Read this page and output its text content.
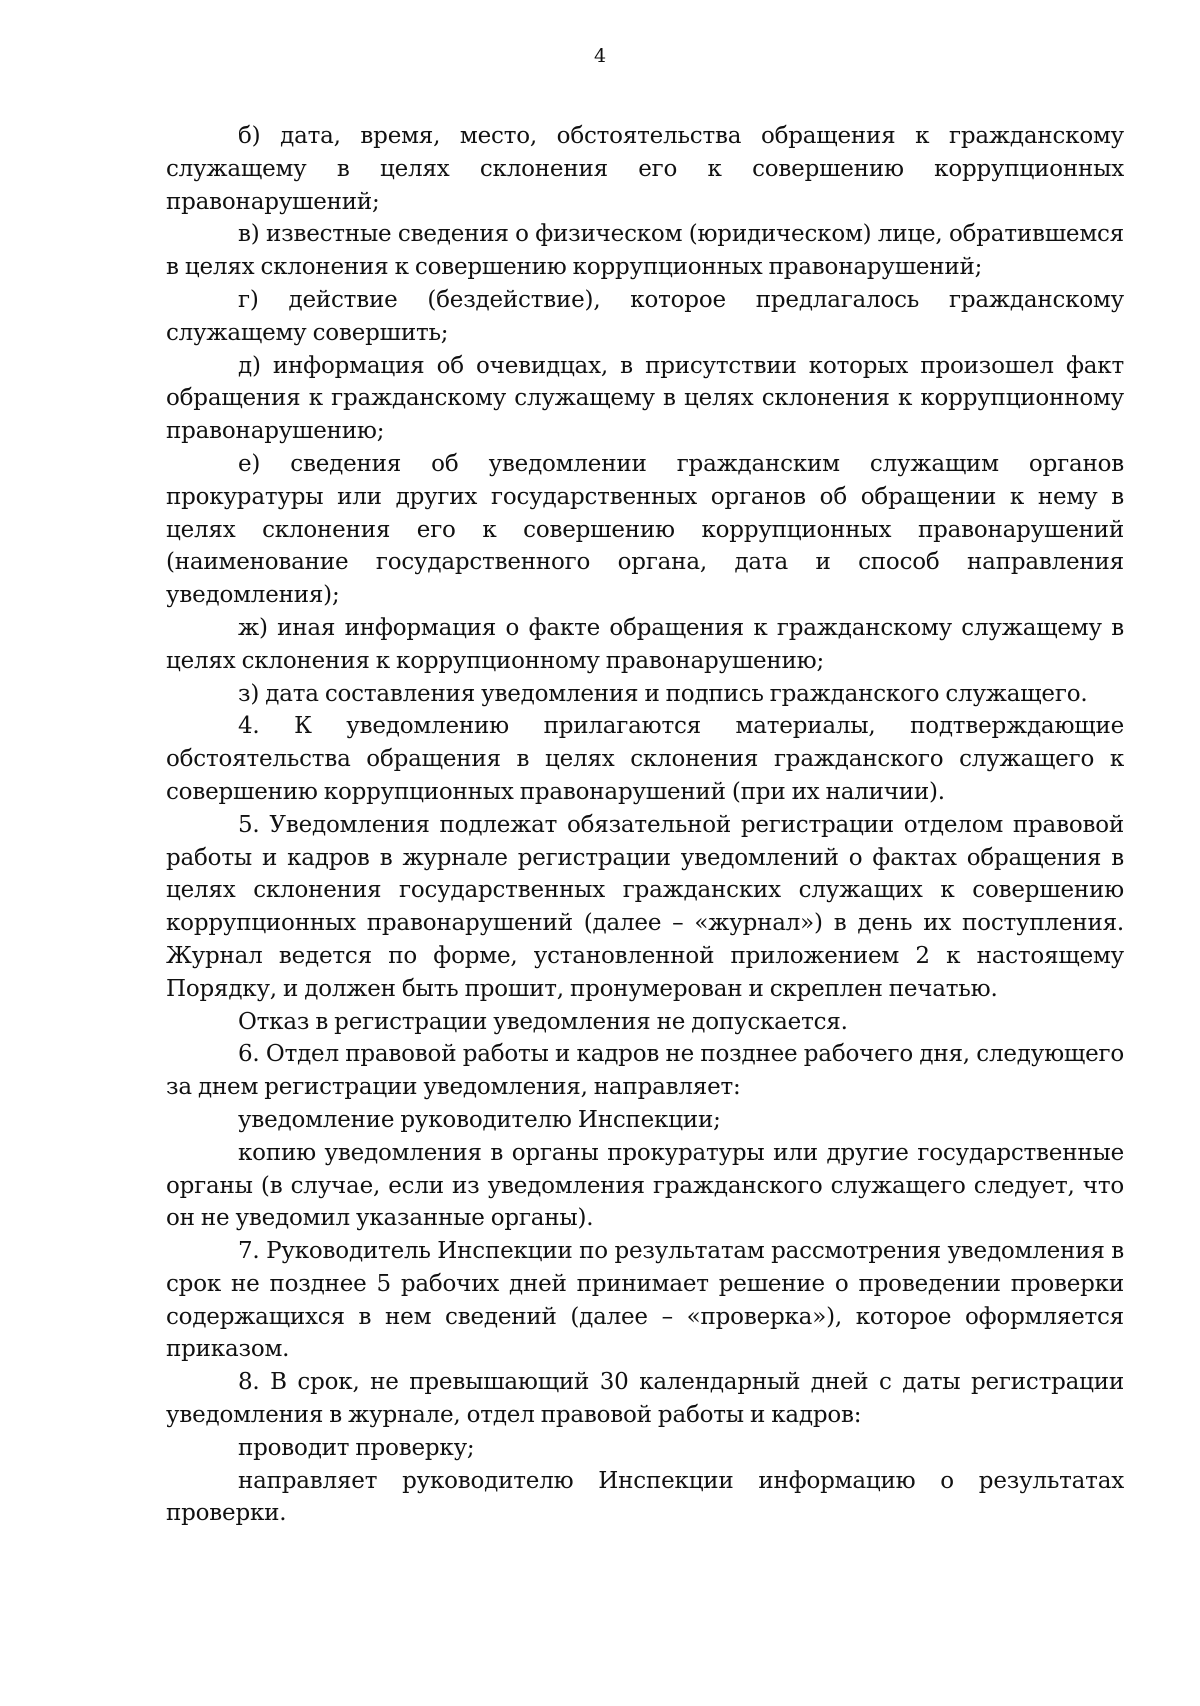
4

б) дата, время, место, обстоятельства обращения к гражданскому служащему в целях склонения его к совершению коррупционных правонарушений;

в) известные сведения о физическом (юридическом) лице, обратившемся в целях склонения к совершению коррупционных правонарушений;

г) действие (бездействие), которое предлагалось гражданскому служащему совершить;

д) информация об очевидцах, в присутствии которых произошел факт обращения к гражданскому служащему в целях склонения к коррупционному правонарушению;

е) сведения об уведомлении гражданским служащим органов прокуратуры или других государственных органов об обращении к нему в целях склонения его к совершению коррупционных правонарушений (наименование государственного органа, дата и способ направления уведомления);

ж) иная информация о факте обращения к гражданскому служащему в целях склонения к коррупционному правонарушению;

з) дата составления уведомления и подпись гражданского служащего.

4. К уведомлению прилагаются материалы, подтверждающие обстоятельства обращения в целях склонения гражданского служащего к совершению коррупционных правонарушений (при их наличии).

5. Уведомления подлежат обязательной регистрации отделом правовой работы и кадров в журнале регистрации уведомлений о фактах обращения в целях склонения государственных гражданских служащих к совершению коррупционных правонарушений (далее – «журнал») в день их поступления. Журнал ведется по форме, установленной приложением 2 к настоящему Порядку, и должен быть прошит, пронумерован и скреплен печатью.

Отказ в регистрации уведомления не допускается.

6. Отдел правовой работы и кадров не позднее рабочего дня, следующего за днем регистрации уведомления, направляет:

уведомление руководителю Инспекции;

копию уведомления в органы прокуратуры или другие государственные органы (в случае, если из уведомления гражданского служащего следует, что он не уведомил указанные органы).

7. Руководитель Инспекции по результатам рассмотрения уведомления в срок не позднее 5 рабочих дней принимает решение о проведении проверки содержащихся в нем сведений (далее – «проверка»), которое оформляется приказом.

8. В срок, не превышающий 30 календарный дней с даты регистрации уведомления в журнале, отдел правовой работы и кадров:

проводит проверку;

направляет руководителю Инспекции информацию о результатах проверки.
